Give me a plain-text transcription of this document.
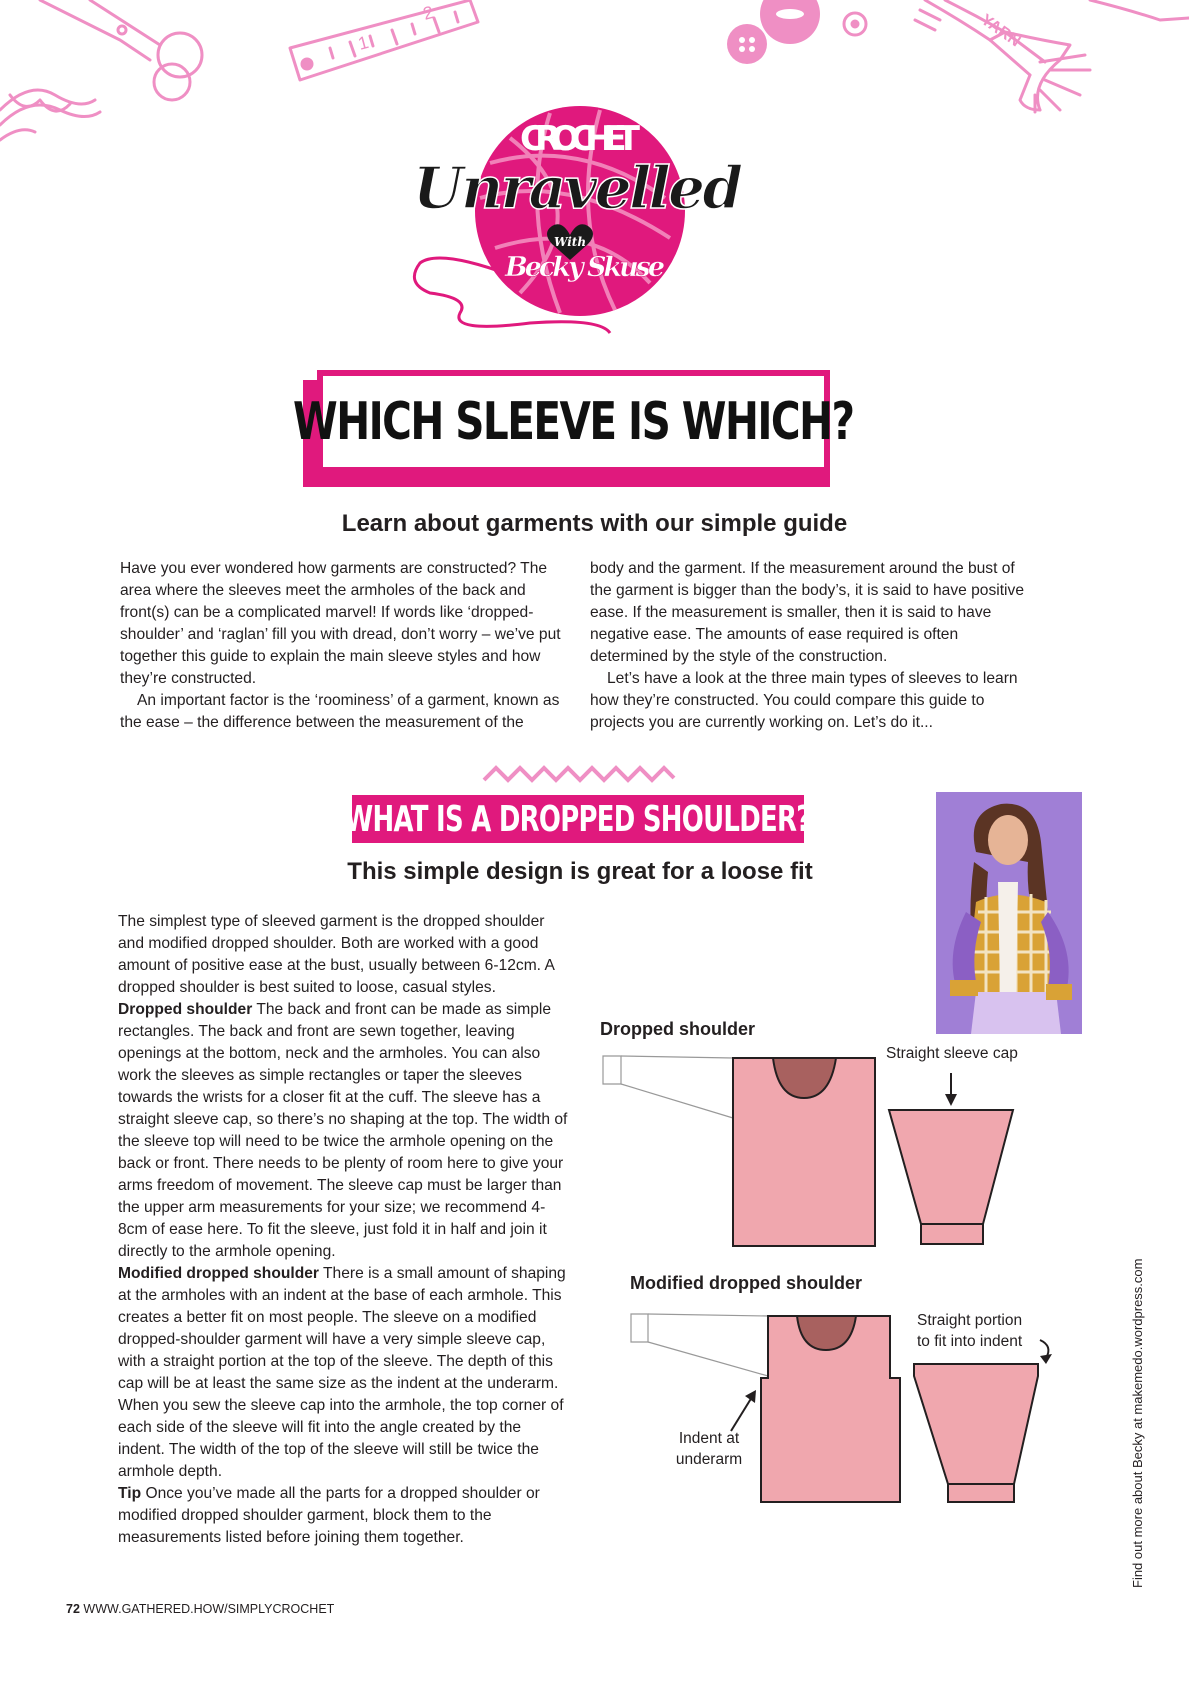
1
2	YARN
CROCHET
Unravelled
With
Becky Skuse
WHICH SLEEVE IS WHICH?
Learn about garments with our simple guide

Have you ever wondered how garments are constructed? The area where the sleeves meet the armholes of the back and front(s) can be a complicated marvel! If words like ‘dropped-shoulder’ and ‘raglan’ fill you with dread, don’t worry – we’ve put together this guide to explain the main sleeve styles and how they’re constructed.

An important factor is the ‘roominess’ of a garment, known as the ease – the difference between the measurement of the

body and the garment. If the measurement around the bust of the garment is bigger than the body’s, it is said to have positive ease. If the measurement is smaller, then it is said to have negative ease. The amounts of ease required is often determined by the style of the construction.

Let’s have a look at the three main types of sleeves to learn how they’re constructed. You could compare this guide to projects you are currently working on. Let’s do it...

WHAT IS A DROPPED SHOULDER?
This simple design is great for a loose fit

The simplest type of sleeved garment is the dropped shoulder and modified dropped shoulder. Both are worked with a good amount of positive ease at the bust, usually between 6-12cm. A dropped shoulder is best suited to loose, casual styles.

Dropped shoulder The back and front can be made as simple rectangles. The back and front are sewn together, leaving openings at the bottom, neck and the armholes. You can also work the sleeves as simple rectangles or taper the sleeves towards the wrists for a closer fit at the cuff. The sleeve has a straight sleeve cap, so there’s no shaping at the top. The width of the sleeve top will need to be twice the armhole opening on the back or front. There needs to be plenty of room here to give your arms freedom of movement. The sleeve cap must be larger than the upper arm measurements for your size; we recommend 4-8cm of ease here. To fit the sleeve, just fold it in half and join it directly to the armhole opening.

Modified dropped shoulder There is a small amount of shaping at the armholes with an indent at the base of each armhole. This creates a better fit on most people. The sleeve on a modified dropped-shoulder garment will have a very simple sleeve cap, with a straight portion at the top of the sleeve. The depth of this cap will be at least the same size as the indent at the underarm. When you sew the sleeve cap into the armhole, the top corner of each side of the sleeve will fit into the angle created by the indent. The width of the top of the sleeve will still be twice the armhole depth.

Tip Once you’ve made all the parts for a dropped shoulder or modified dropped shoulder garment, block them to the measurements listed before joining them together.

Dropped shoulder
Straight sleeve cap
Modified dropped shoulder
Straight portion
to fit into indent
Indent at
underarm	Find out more about Becky at makemedo.wordpress.com
72 WWW.GATHERED.HOW/SIMPLYCROCHET
